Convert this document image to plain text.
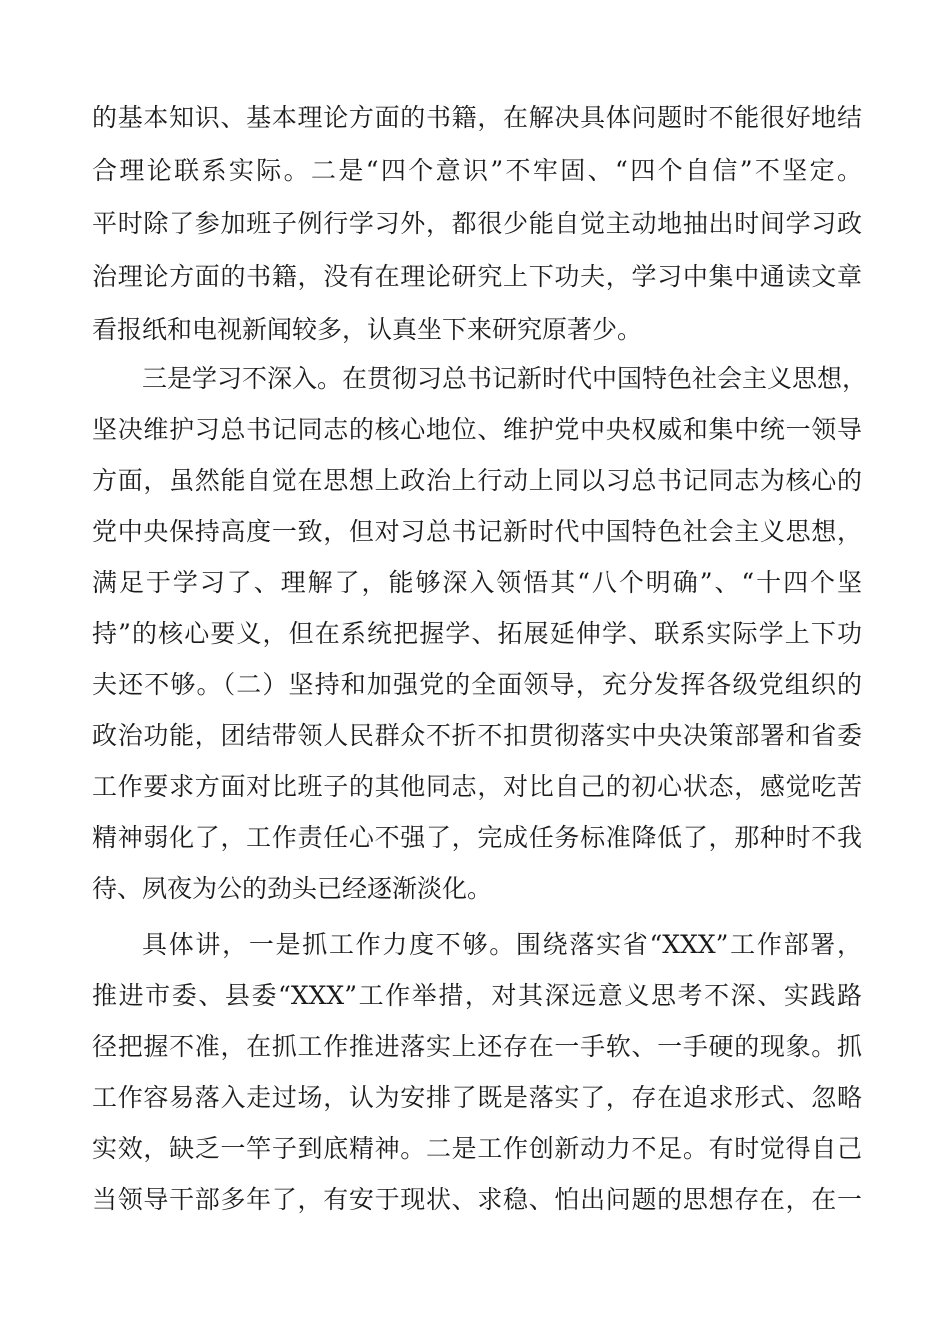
的基本知识、基本理论方面的书籍，在解决具体问题时不能很好地结
合理论联系实际。二是“四个意识”不牢固、“四个自信”不坚定。
平时除了参加班子例行学习外，都很少能自觉主动地抽出时间学习政
治理论方面的书籍，没有在理论研究上下功夫，学习中集中通读文章
看报纸和电视新闻较多，认真坐下来研究原著少。
三是学习不深入。在贯彻习总书记新时代中国特色社会主义思想，
坚决维护习总书记同志的核心地位、维护党中央权威和集中统一领导
方面，虽然能自觉在思想上政治上行动上同以习总书记同志为核心的
党中央保持高度一致，但对习总书记新时代中国特色社会主义思想，
满足于学习了、理解了，能够深入领悟其“八个明确”、“十四个坚
持”的核心要义，但在系统把握学、拓展延伸学、联系实际学上下功
夫还不够。（二）坚持和加强党的全面领导，充分发挥各级党组织的
政治功能，团结带领人民群众不折不扣贯彻落实中央决策部署和省委
工作要求方面对比班子的其他同志，对比自己的初心状态，感觉吃苦
精神弱化了，工作责任心不强了，完成任务标准降低了，那种时不我
待、夙夜为公的劲头已经逐渐淡化。
具体讲，一是抓工作力度不够。围绕落实省“XXX”工作部署，
推进市委、县委“XXX”工作举措，对其深远意义思考不深、实践路
径把握不准，在抓工作推进落实上还存在一手软、一手硬的现象。抓
工作容易落入走过场，认为安排了既是落实了，存在追求形式、忽略
实效，缺乏一竿子到底精神。二是工作创新动力不足。有时觉得自己
当领导干部多年了，有安于现状、求稳、怕出问题的思想存在，在一
